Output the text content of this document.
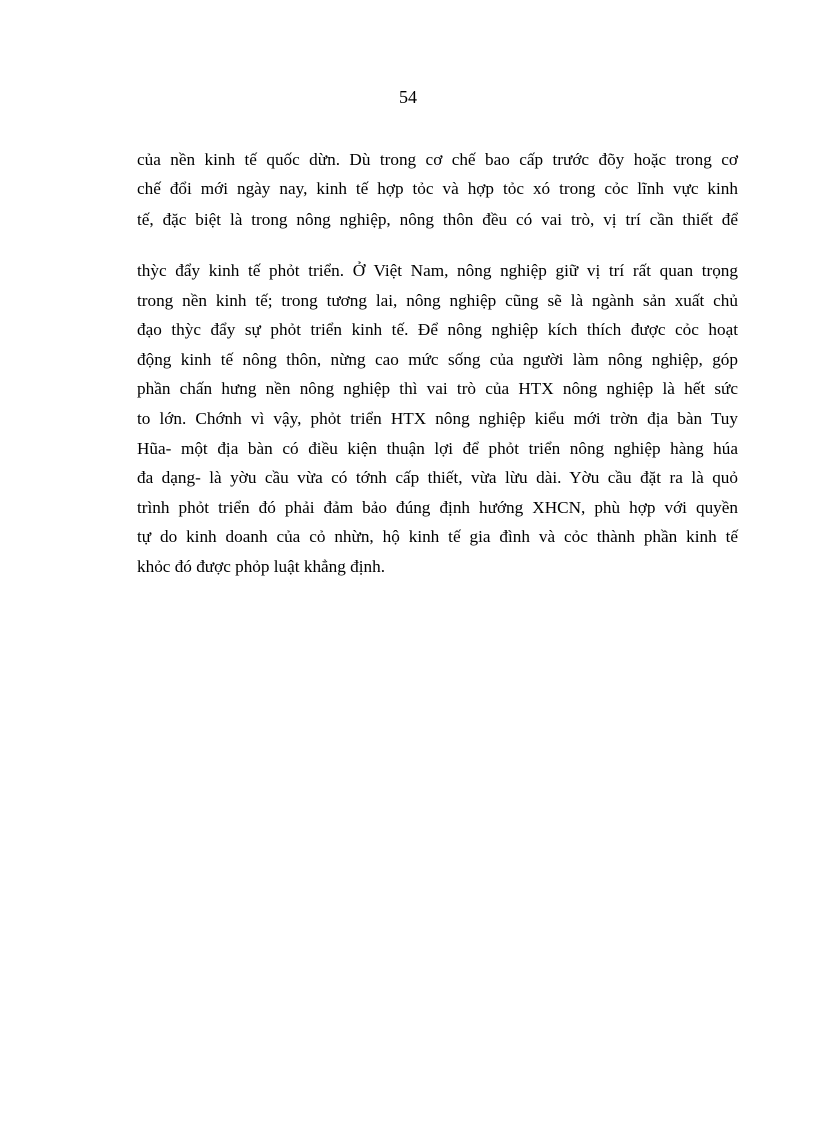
54
của nền kinh tế quốc dừn. Dù trong cơ chế bao cấp trước đõy hoặc trong cơ
chế đổi mới ngày nay, kinh tế hợp tỏc và hợp tỏc xó trong cỏc lĩnh vực kinh
tế, đặc biệt là trong nông nghiệp, nông thôn đều có vai trò, vị trí cần thiết để
thỳc đẩy kinh tế phỏt triển. Ở Việt Nam, nông nghiệp giữ vị trí rất quan trọng
trong nền kinh tế; trong tương lai, nông nghiệp cũng sẽ là ngành sản xuất chủ
đạo thỳc đẩy sự phỏt triển kinh tế. Để nông nghiệp kích thích được cỏc hoạt
động kinh tế nông thôn, nừng cao mức sống của người làm nông nghiệp, góp
phần chấn hưng nền nông nghiệp thì vai trò của HTX nông nghiệp là hết sức
to lớn. Chớnh vì vậy, phỏt triển HTX nông nghiệp kiểu mới trờn địa bàn Tuy
Hũa- một địa bàn có điều kiện thuận lợi để phỏt triển nông nghiệp hàng húa
đa dạng- là yờu cầu vừa có tớnh cấp thiết, vừa lừu dài. Yờu cầu đặt ra là quỏ
trình phỏt triển đó phải đảm bảo đúng định hướng XHCN, phù hợp với quyền
tự do kinh doanh của cỏ nhừn, hộ kinh tế gia đình và cỏc thành phần kinh tế
khỏc đó được phỏp luật khẳng định.
